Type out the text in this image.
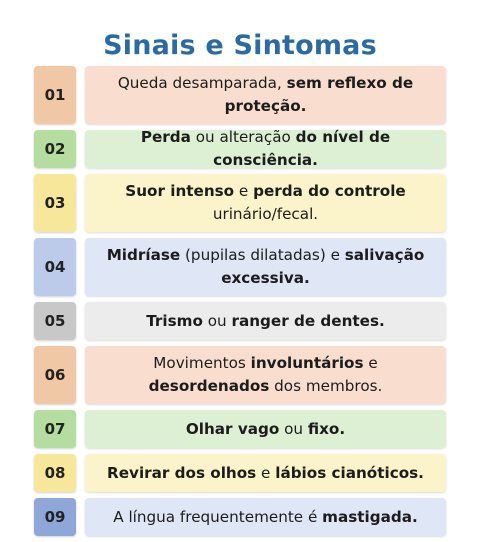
Sinais e Sintomas
01
Queda desamparada, sem reflexo de proteção.
02
Perda ou alteração do nível de consciência.
03
Suor intenso e perda do controle urinário/fecal.
04
Midríase (pupilas dilatadas) e salivação excessiva.
05	Trismo ou ranger de dentes.
06
Movimentos involuntários e desordenados dos membros.
07	Olhar vago ou fixo.
08	Revirar dos olhos e lábios cianóticos.
09	A língua frequentemente é mastigada.
